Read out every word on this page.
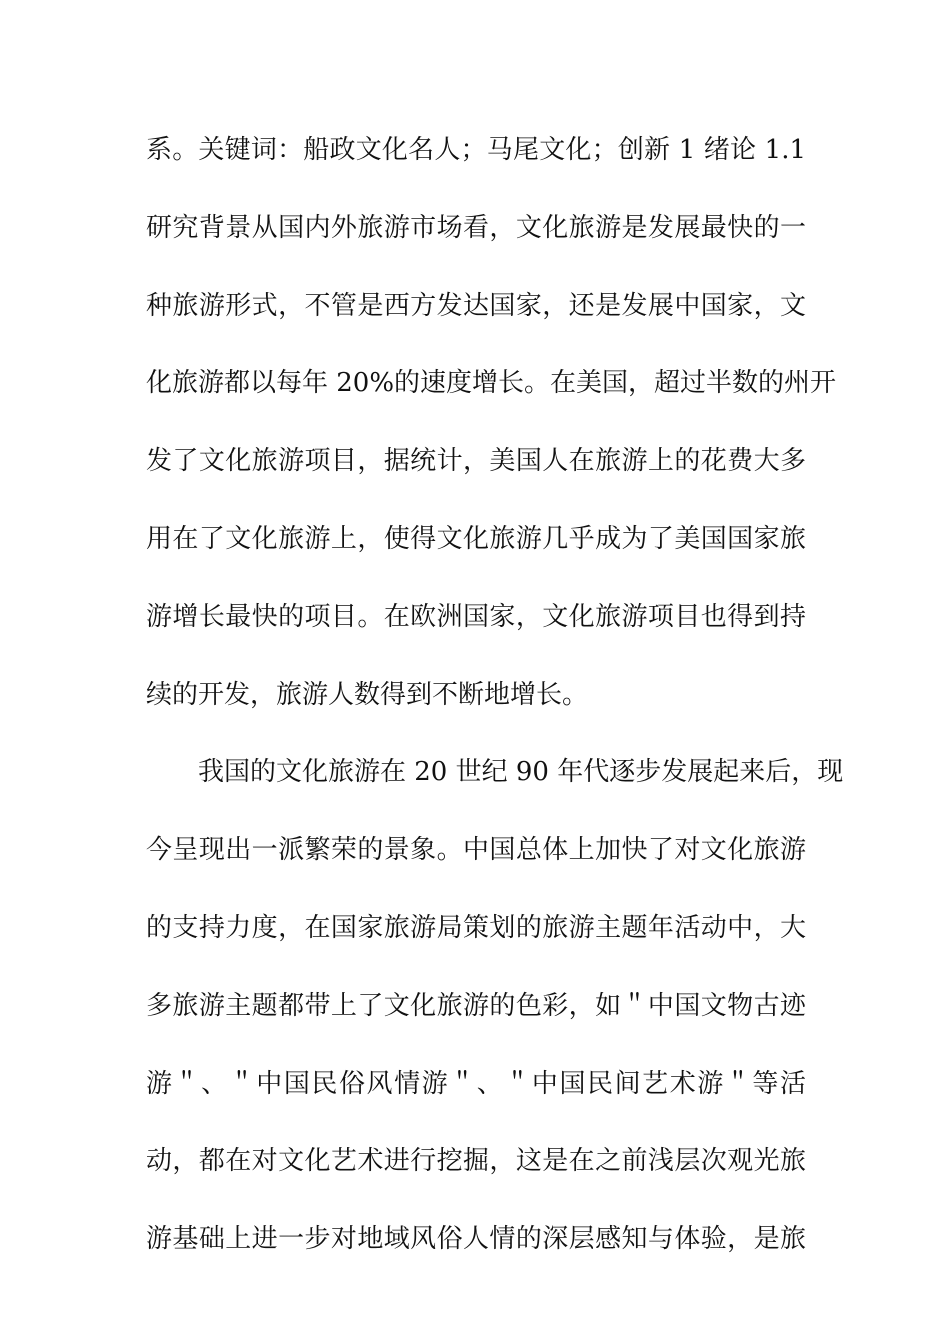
系。关键词：船政文化名人；马尾文化；创新 1 绪论 1.1
研究背景从国内外旅游市场看，文化旅游是发展最快的一
种旅游形式，不管是西方发达国家，还是发展中国家，文
化旅游都以每年 20%的速度增长。在美国，超过半数的州开
发了文化旅游项目，据统计，美国人在旅游上的花费大多
用在了文化旅游上，使得文化旅游几乎成为了美国国家旅
游增长最快的项目。在欧洲国家，文化旅游项目也得到持
续的开发，旅游人数得到不断地增长。
我国的文化旅游在 20 世纪 90 年代逐步发展起来后，现
今呈现出一派繁荣的景象。中国总体上加快了对文化旅游
的支持力度，在国家旅游局策划的旅游主题年活动中，大
多旅游主题都带上了文化旅游的色彩，如＂中国文物古迹
游＂、＂中国民俗风情游＂、＂中国民间艺术游＂等活
动，都在对文化艺术进行挖掘，这是在之前浅层次观光旅
游基础上进一步对地域风俗人情的深层感知与体验，是旅
